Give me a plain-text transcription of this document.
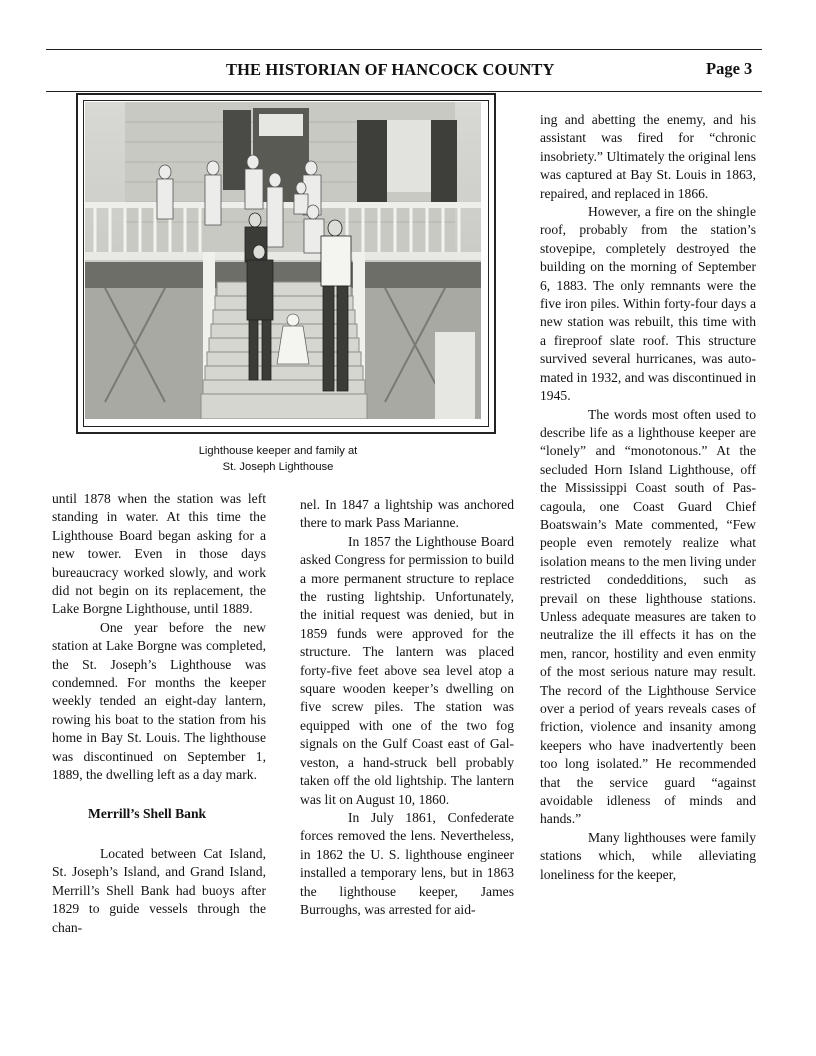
THE HISTORIAN OF HANCOCK COUNTY	Page 3
Lighthouse keeper and family at
St. Joseph Lighthouse

until 1878 when the station was left standing in water. At this time the Lighthouse Board began asking for a new tower. Even in those days bureaucracy worked slowly, and work did not begin on its replacement, the Lake Borgne Lighthouse, until 1889.

One year before the new station at Lake Borgne was completed, the St. Joseph’s Lighthouse was condemned. For months the keeper weekly tended an eight-day lantern, rowing his boat to the station from his home in Bay St. Louis. The lighthouse was discontinued on September 1, 1889, the dwelling left as a day mark.

Merrill’s Shell Bank

Located between Cat Island, St. Joseph’s Island, and Grand Island, Merrill’s Shell Bank had buoys after 1829 to guide vessels through the chan-

nel. In 1847 a lightship was anchored there to mark Pass Marianne.

In 1857 the Lighthouse Board asked Congress for permission to build a more permanent structure to replace the rusting lightship. Unfortunately, the initial request was denied, but in 1859 funds were approved for the structure. The lantern was placed forty-five feet above sea level atop a square wooden keeper’s dwelling on five screw piles. The station was equipped with one of the two fog signals on the Gulf Coast east of Galveston, a hand-struck bell probably taken off the old lightship. The lantern was lit on August 10, 1860.

In July 1861, Confederate forces removed the lens. Nevertheless, in 1862 the U. S. lighthouse engineer installed a temporary lens, but in 1863 the lighthouse keeper, James Burroughs, was arrested for aid-

ing and abetting the enemy, and his assistant was fired for “chronic insobriety.” Ultimately the original lens was captured at Bay St. Louis in 1863, repaired, and replaced in 1866.

However, a fire on the shingle roof, probably from the station’s stovepipe, completely destroyed the building on the morning of September 6, 1883. The only remnants were the five iron piles. Within forty-four days a new station was rebuilt, this time with a fireproof slate roof. This structure survived several hurricanes, was automated in 1932, and was discontinued in 1945.

The words most often used to describe life as a lighthouse keeper are “lonely” and “monotonous.” At the secluded Horn Island Lighthouse, off the Mississippi Coast south of Pascagoula, one Coast Guard Chief Boatswain’s Mate commented, “Few people even remotely realize what isolation means to the men living under restricted condedditions, such as prevail on these lighthouse stations. Unless adequate measures are taken to neutralize the ill effects it has on the men, rancor, hostility and even enmity of the most serious nature may result. The record of the Lighthouse Service over a period of years reveals cases of friction, violence and insanity among keepers who have inadvertently been too long isolated.” He recommended that the service guard “against avoidable idleness of minds and hands.”

Many lighthouses were family stations which, while alleviating loneliness for the keeper,
